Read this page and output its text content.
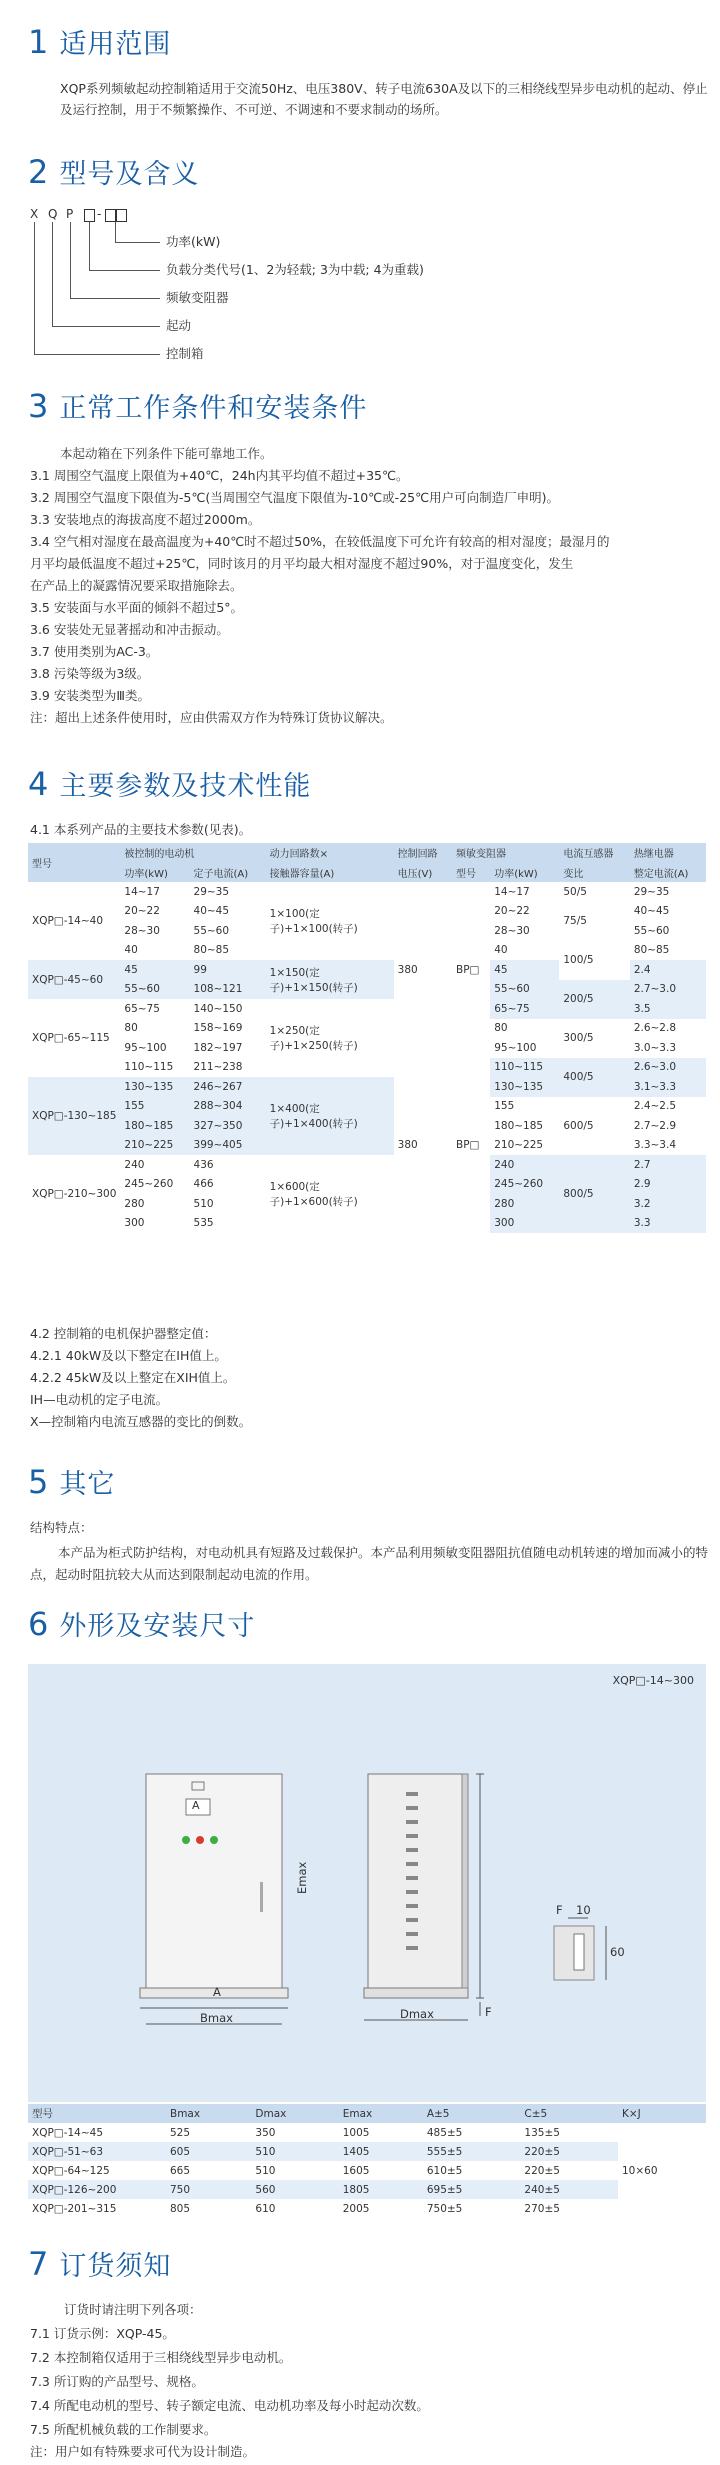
1 适用范围
XQP系列频敏起动控制箱适用于交流50Hz、电压380V、转子电流630A及以下的三相绕线型异步电动机的起动、停止及运行控制，用于不频繁操作、不可逆、不调速和不要求制动的场所。
2 型号及含义
X Q P -
功率(kW)
负载分类代号(1、2为轻载; 3为中载; 4为重载)
频敏变阻器
起动
控制箱
3 正常工作条件和安装条件
本起动箱在下列条件下能可靠地工作。
3.1 周围空气温度上限值为+40℃，24h内其平均值不超过+35℃。
3.2 周围空气温度下限值为-5℃(当周围空气温度下限值为-10℃或-25℃用户可向制造厂申明)。
3.3 安装地点的海拔高度不超过2000m。
3.4 空气相对湿度在最高温度为+40℃时不超过50%，在较低温度下可允许有较高的相对湿度；最湿月的
月平均最低温度不超过+25℃，同时该月的月平均最大相对湿度不超过90%，对于温度变化，发生
在产品上的凝露情况要采取措施除去。
3.5 安装面与水平面的倾斜不超过5°。
3.6 安装处无显著摇动和冲击振动。
3.7 使用类别为AC-3。
3.8 污染等级为3级。
3.9 安装类型为Ⅲ类。
注：超出上述条件使用时，应由供需双方作为特殊订货协议解决。
4 主要参数及技术性能
4.1 本系列产品的主要技术参数(见表)。
型号	被控制的电动机		动力回路数×	控制回路	频敏变阻器		电流互感器	热继电器
	功率(kW)	定子电流(A)	接触器容量(A)	电压(V)	型号	功率(kW)	变比	整定电流(A)
XQP□-14~40	14~17	29~35	1×100(定子)+1×100(转子)	380	BP□	14~17	50/5	29~35
	20~22	40~45				20~22	75/5	40~45
	28~30	55~60				28~30		55~60
	40	80~85				40	100/5	80~85
XQP□-45~60	45	99	1×150(定子)+1×150(转子)			45		2.4
	55~60	108~121				55~60	200/5	2.7~3.0
XQP□-65~115	65~75	140~150	1×250(定子)+1×250(转子)			65~75		3.5
	80	158~169				80	300/5	2.6~2.8
	95~100	182~197				95~100		3.0~3.3
	110~115	211~238		380	BP□	110~115	400/5	2.6~3.0
XQP□-130~185	130~135	246~267	1×400(定子)+1×400(转子)			130~135		3.1~3.3
	155	288~304				155	600/5	2.4~2.5
	180~185	327~350				180~185		2.7~2.9
	210~225	399~405				210~225		3.3~3.4
XQP□-210~300	240	436	1×600(定子)+1×600(转子)			240	800/5	2.7
	245~260	466				245~260		2.9
	280	510				280		3.2
	300	535				300		3.3
4.2 控制箱的电机保护器整定值：
4.2.1 40kW及以下整定在IH值上。
4.2.2 45kW及以上整定在XIH值上。
IH—电动机的定子电流。
X—控制箱内电流互感器的变比的倒数。
5 其它
结构特点：
本产品为柜式防护结构，对电动机具有短路及过载保护。本产品利用频敏变阻器阻抗值随电动机转速的增加而减小的特点，起动时阻抗较大从而达到限制起动电流的作用。
6 外形及安装尺寸
XQP□-14~300
A
Bmax	Dmax
Emax
F
F 10
60
A
型号	Bmax	Dmax	Emax	A±5	C±5	K×J
XQP□-14~45	525	350	1005	485±5	135±5	10×60
XQP□-51~63	605	510	1405	555±5	220±5	
XQP□-64~125	665	510	1605	610±5	220±5	
XQP□-126~200	750	560	1805	695±5	240±5	
XQP□-201~315	805	610	2005	750±5	270±5	
7 订货须知
订货时请注明下列各项：
7.1 订货示例：XQP-45。
7.2 本控制箱仅适用于三相绕线型异步电动机。
7.3 所订购的产品型号、规格。
7.4 所配电动机的型号、转子额定电流、电动机功率及每小时起动次数。
7.5 所配机械负载的工作制要求。
注：用户如有特殊要求可代为设计制造。
